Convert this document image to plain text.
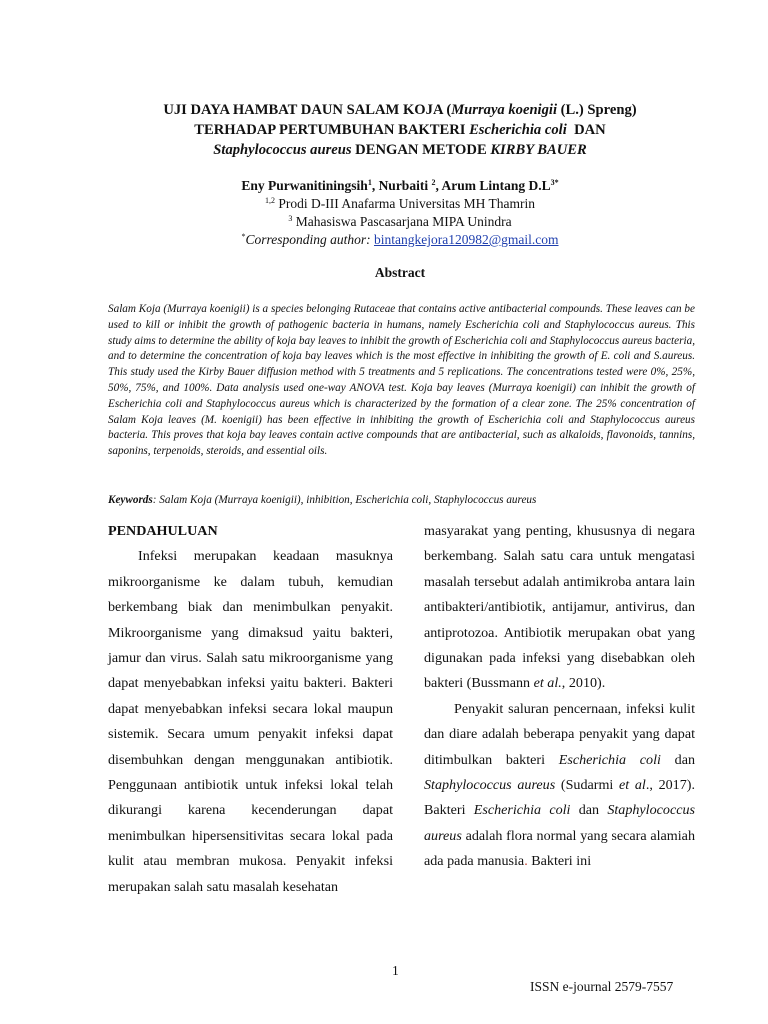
UJI DAYA HAMBAT DAUN SALAM KOJA (Murraya koenigii (L.) Spreng)
TERHADAP PERTUMBUHAN BAKTERI Escherichia coli  DAN
Staphylococcus aureus DENGAN METODE KIRBY BAUER
Eny Purwanitiningsih$^1$, Nurbaiti $^2$, Arum Lintang $D.L^{3*}$
$^{1,2}$ Prodi D-III Anafarma Universitas MH Thamrin
$^3$ Mahasiswa Pascasarjana MIPA Unindra
*Corresponding author: bintangkejora120982@gmail.com
Abstract
Salam Koja (Murraya koenigii) is a species belonging Rutaceae that contains active antibacterial compounds. These leaves can be used to kill or inhibit the growth of pathogenic bacteria in humans, namely Escherichia coli and Staphylococcus aureus. This study aims to determine the ability of koja bay leaves to inhibit the growth of Escherichia coli and Staphylococcus aureus bacteria, and to determine the concentration of koja bay leaves which is the most effective in inhibiting the growth of E. coli and S.aureus. This study used the Kirby Bauer diffusion method with 5 treatments and 5 replications. The concentrations tested were 0%, 25%, 50%, 75%, and 100%. Data analysis used one-way ANOVA test. Koja bay leaves (Murraya koenigii) can inhibit the growth of Escherichia coli and Staphylococcus aureus which is characterized by the formation of a clear zone. The 25% concentration of Salam Koja leaves (M. koenigii) has been effective in inhibiting the growth of Escherichia coli and Staphylococcus aureus bacteria. This proves that koja bay leaves contain active compounds that are antibacterial, such as alkaloids, flavonoids, tannins, saponins, terpenoids, steroids, and essential oils.
Keywords: Salam Koja (Murraya koenigii), inhibition, Escherichia coli, Staphylococcus aureus
PENDAHULUAN

Infeksi merupakan keadaan masuknya mikroorganisme ke dalam tubuh, kemudian berkembang biak dan menimbulkan penyakit. Mikroorganisme yang dimaksud yaitu bakteri, jamur dan virus. Salah satu mikroorganisme yang dapat menyebabkan infeksi yaitu bakteri. Bakteri dapat menyebabkan infeksi secara lokal maupun sistemik. Secara umum penyakit infeksi dapat disembuhkan dengan menggunakan antibiotik. Penggunaan antibiotik untuk infeksi lokal telah dikurangi karena kecenderungan dapat menimbulkan hipersensitivitas secara lokal pada kulit atau membran mukosa. Penyakit infeksi merupakan salah satu masalah kesehatan

masyarakat yang penting, khususnya di negara berkembang. Salah satu cara untuk mengatasi masalah tersebut adalah antimikroba antara lain antibakteri/antibiotik, antijamur, antivirus, dan antiprotozoa. Antibiotik merupakan obat yang digunakan pada infeksi yang disebabkan oleh bakteri (Bussmann et al., 2010).

Penyakit saluran pencernaan, infeksi kulit dan diare adalah beberapa penyakit yang dapat ditimbulkan bakteri Escherichia coli dan Staphylococcus aureus (Sudarmi et al., 2017). Bakteri Escherichia coli dan Staphylococcus aureus adalah flora normal yang secara alamiah ada pada manusia. Bakteri ini

1
ISSN e-journal 2579-7557
